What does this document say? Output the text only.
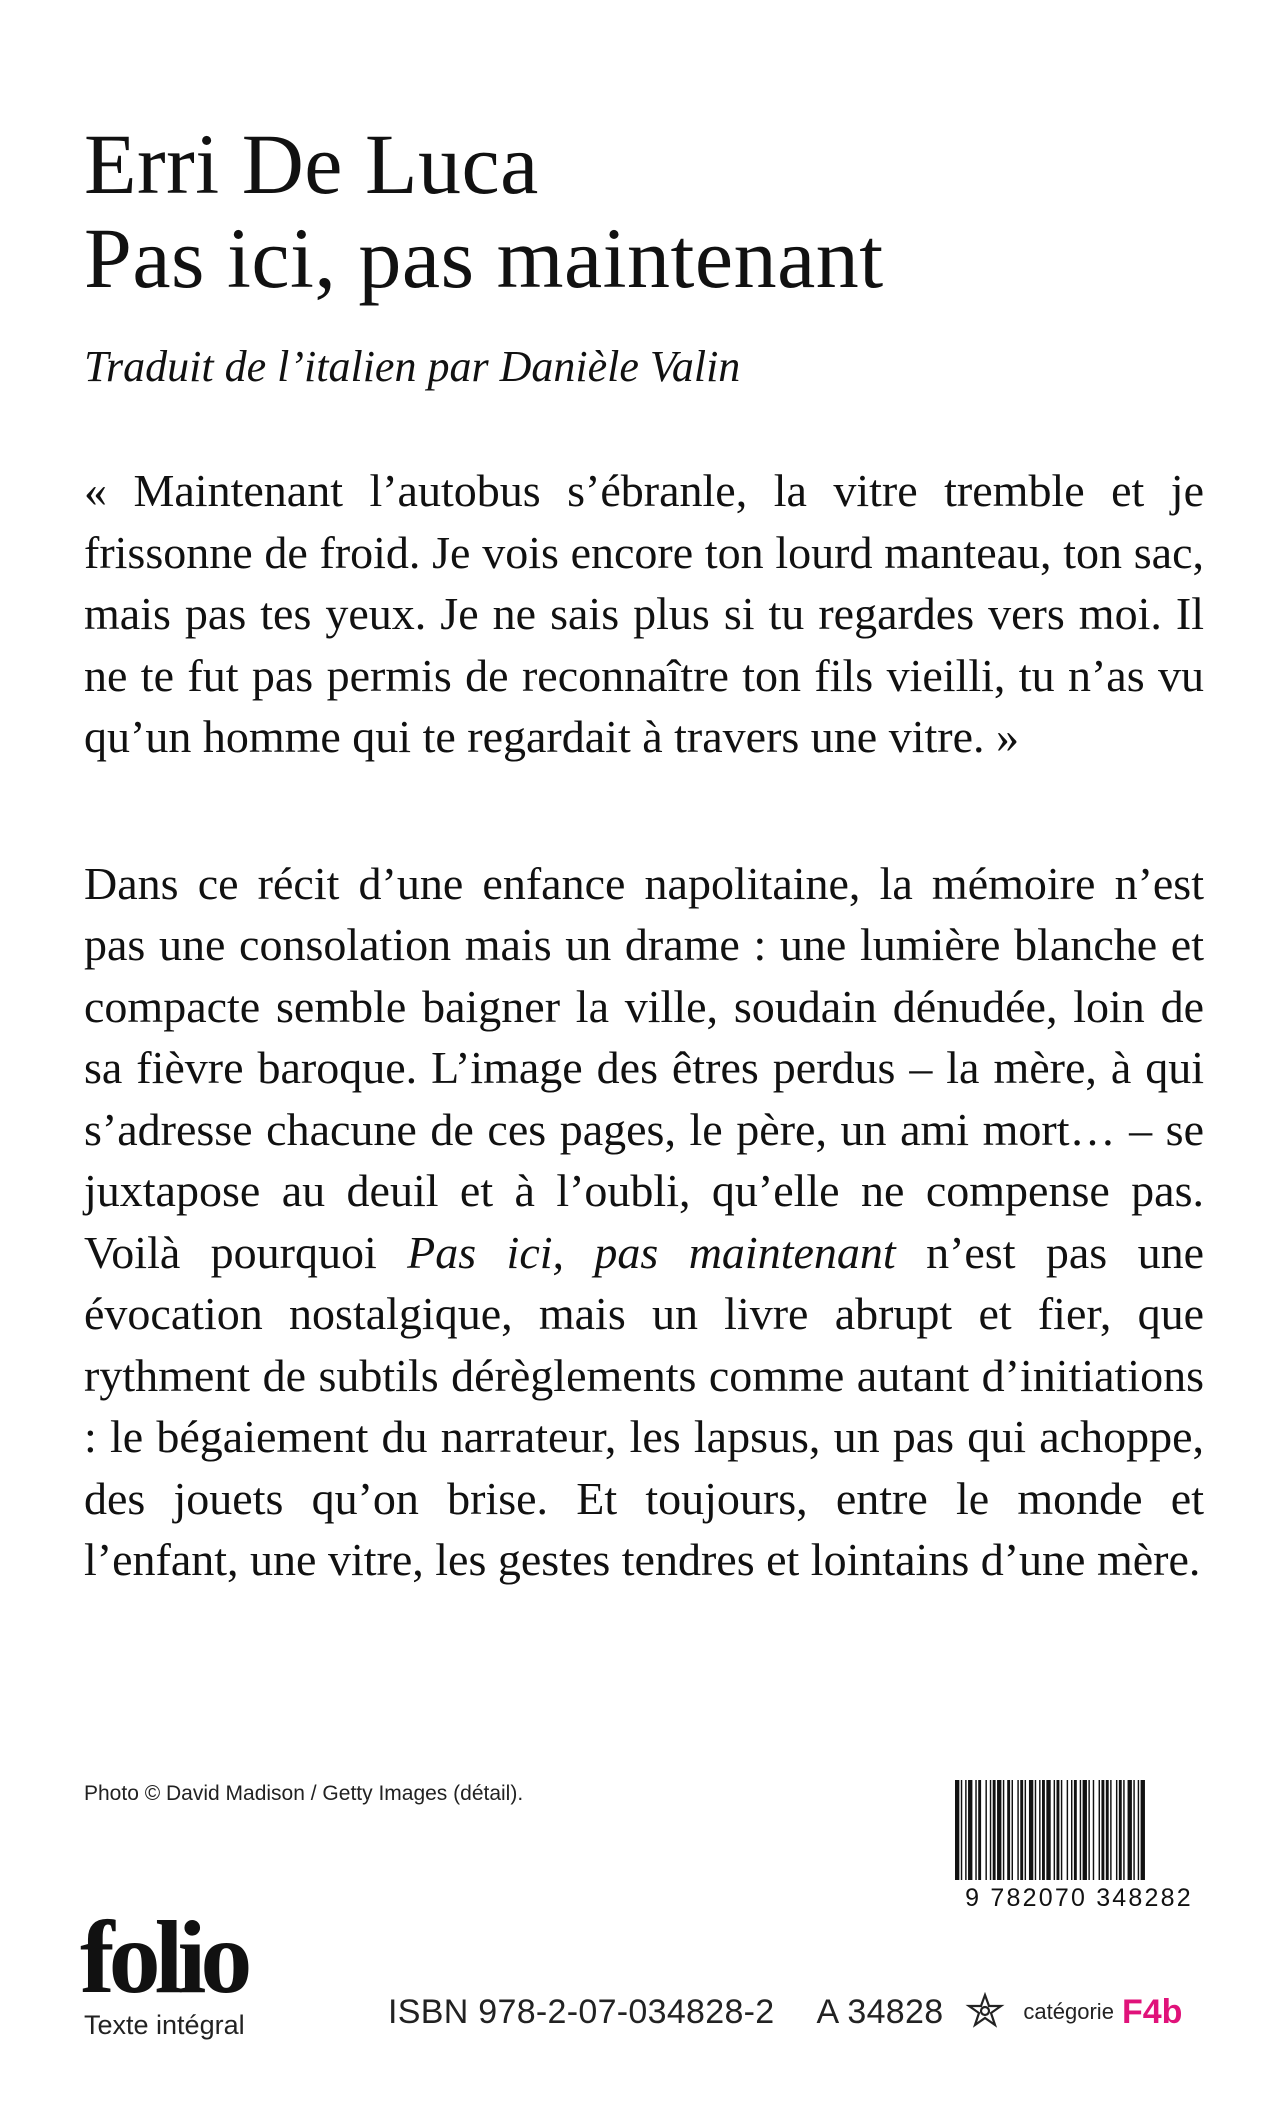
Erri De Luca
Pas ici, pas maintenant

Traduit de l’italien par Danièle Valin

« Maintenant l’autobus s’ébranle, la vitre tremble et je frissonne de froid. Je vois encore ton lourd manteau, ton sac, mais pas tes yeux. Je ne sais plus si tu regardes vers moi. Il ne te fut pas permis de reconnaître ton fils vieilli, tu n’as vu qu’un homme qui te regardait à travers une vitre. »

Dans ce récit d’une enfance napolitaine, la mémoire n’est pas une consolation mais un drame : une lumière blanche et compacte semble baigner la ville, soudain dénudée, loin de sa fièvre baroque. L’image des êtres perdus – la mère, à qui s’adresse chacune de ces pages, le père, un ami mort… – se juxtapose au deuil et à l’oubli, qu’elle ne compense pas. Voilà pourquoi Pas ici, pas maintenant n’est pas une évocation nostalgique, mais un livre abrupt et fier, que rythment de subtils dérèglements comme autant d’initiations : le bégaiement du narrateur, les lapsus, un pas qui achoppe, des jouets qu’on brise. Et toujours, entre le monde et l’enfant, une vitre, les gestes tendres et lointains d’une mère.

Photo © David Madison / Getty Images (détail).

9 782070 348282
folio
Texte intégral	ISBN 978-2-07-034828-2 A 34828	catégorie F4b
